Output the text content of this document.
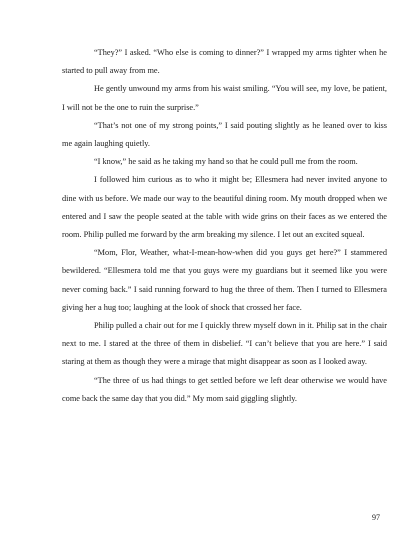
“They?” I asked. “Who else is coming to dinner?” I wrapped my arms tighter when he started to pull away from me.

He gently unwound my arms from his waist smiling. “You will see, my love, be patient, I will not be the one to ruin the surprise.”

“That’s not one of my strong points,” I said pouting slightly as he leaned over to kiss me again laughing quietly.

“I know,” he said as he taking my hand so that he could pull me from the room.

I followed him curious as to who it might be; Ellesmera had never invited anyone to dine with us before. We made our way to the beautiful dining room. My mouth dropped when we entered and I saw the people seated at the table with wide grins on their faces as we entered the room. Philip pulled me forward by the arm breaking my silence. I let out an excited squeal.

“Mom, Flor, Weather, what-I-mean-how-when did you guys get here?” I stammered bewildered. “Ellesmera told me that you guys were my guardians but it seemed like you were never coming back.” I said running forward to hug the three of them. Then I turned to Ellesmera giving her a hug too; laughing at the look of shock that crossed her face.

Philip pulled a chair out for me I quickly threw myself down in it. Philip sat in the chair next to me. I stared at the three of them in disbelief. “I can’t believe that you are here.” I said staring at them as though they were a mirage that might disappear as soon as I looked away.

“The three of us had things to get settled before we left dear otherwise we would have come back the same day that you did.” My mom said giggling slightly.

97
